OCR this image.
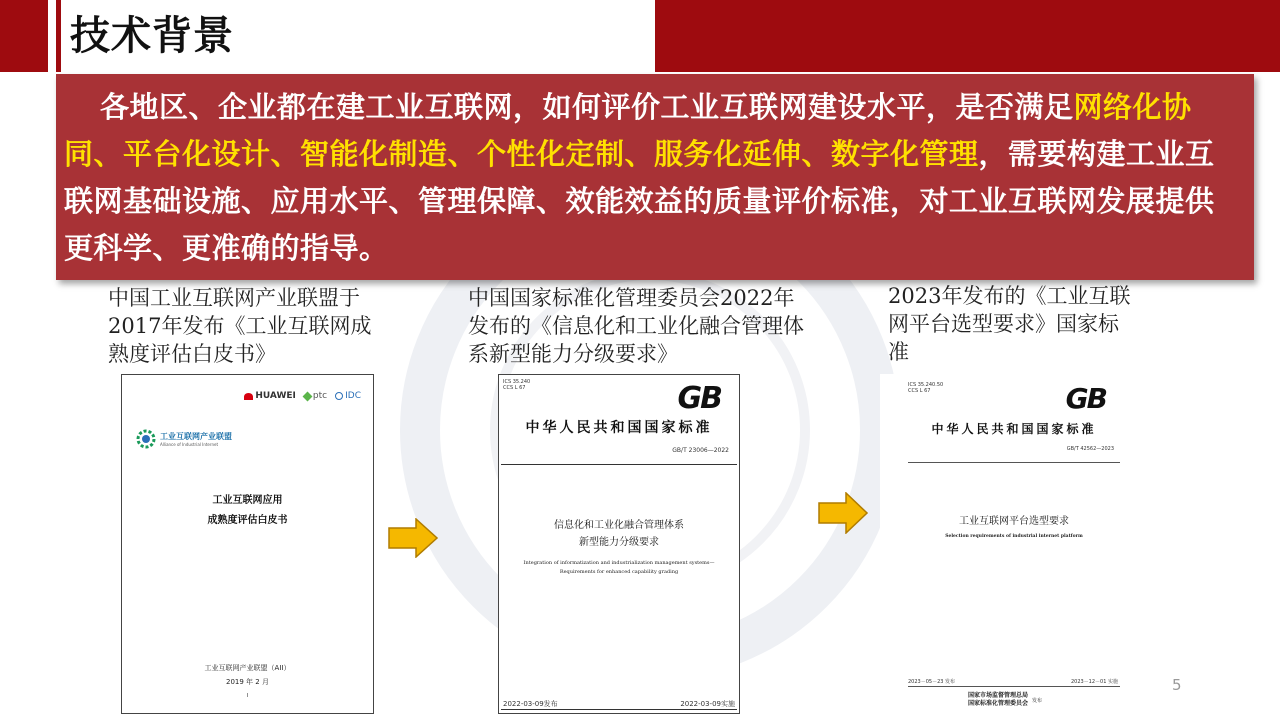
技术背景
各地区、企业都在建工业互联网，如何评价工业互联网建设水平，是否满足网络化协同、平台化设计、智能化制造、个性化定制、服务化延伸、数字化管理，需要构建工业互联网基础设施、应用水平、管理保障、效能效益的质量评价标准，对工业互联网发展提供更科学、更准确的指导。
中国工业互联网产业联盟于2017年发布《工业互联网成熟度评估白皮书》
中国国家标准化管理委员会2022年发布的《信息化和工业化融合管理体系新型能力分级要求》
2023年发布的《工业互联网平台选型要求》国家标准
HUAWEI ptc IDC
工业互联网产业联盟
Alliance of Industrial Internet
工业互联网应用
成熟度评估白皮书
工业互联网产业联盟（AII）
2019 年 2 月
I
ICS 35.240
CCS L 67	GB
中华人民共和国国家标准
GB/T 23006—2022
信息化和工业化融合管理体系
新型能力分级要求
Integration of informatization and industrialization management systems—
Requirements for enhanced capability grading
2022-03-09发布	2022-03-09实施
ICS 35.240.50
CCS L 67	GB
中华人民共和国国家标准
GB/T 42562—2023
工业互联网平台选型要求
Selection requirements of industrial internet platform
2023－05－23 发布	2023－12－01 实施
国家市场监督管理总局
国家标准化管理委员会 发布
5
